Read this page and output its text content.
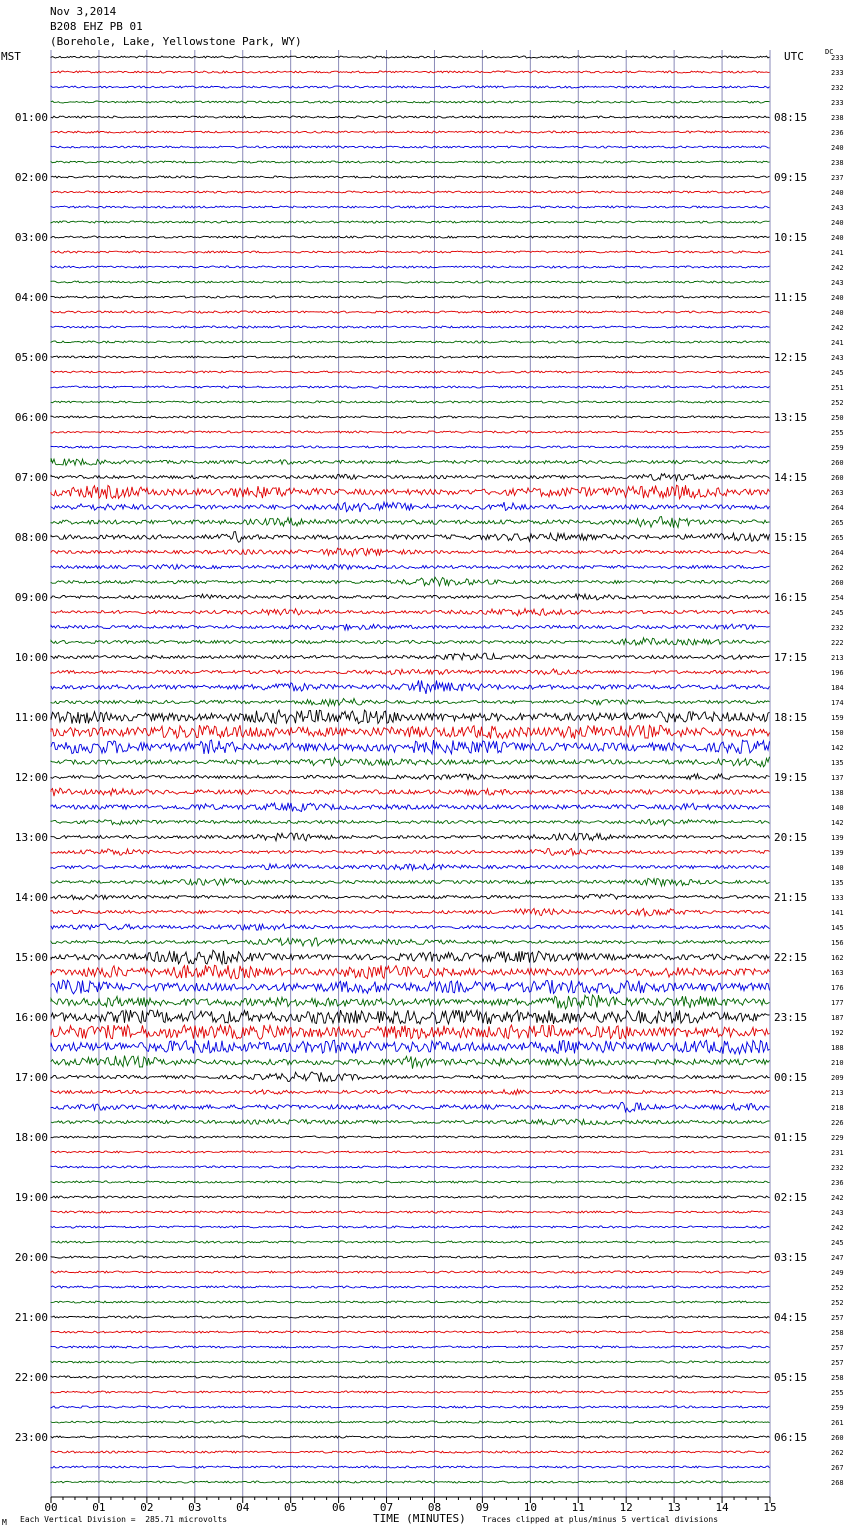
Nov 3,2014
B208 EHZ PB 01
(Borehole, Lake, Yellowstone Park, WY)
MST	UTC	DC
01:00
02:00
03:00
04:00
05:00
06:00
07:00
08:00
09:00
10:00
11:00
12:00
13:00
14:00
15:00
16:00
17:00
18:00
19:00
20:00
21:00
22:00
23:00
08:15
09:15
10:15
11:15
12:15
13:15
14:15
15:15
16:15
17:15
18:15
19:15
20:15
21:15
22:15
23:15
00:15
01:15
02:15
03:15
04:15
05:15
06:15
233
233
232
233
238
236
240
238
237
240
243
240
240
241
242
243
240
240
242
241
243
245
251
252
250
255
259
260
260
263
264
265
265
264
262
260
254
245
232
222
213
196
184
174
159
150
142
135
137
138
140
142
139
139
140
135
133
141
145
156
162
163
176
177
187
192
188
210
209
213
218
226
229
231
232
236
242
243
242
245
247
249
252
252
257
258
257
257
258
255
259
261
260
262
267
268
00	01	02	03	04	05	06	07	08	09	10	11	12	13	14	15
M Each Vertical Division =  285.71 microvolts	TIME (MINUTES) Traces clipped at plus/minus 5 vertical divisions
